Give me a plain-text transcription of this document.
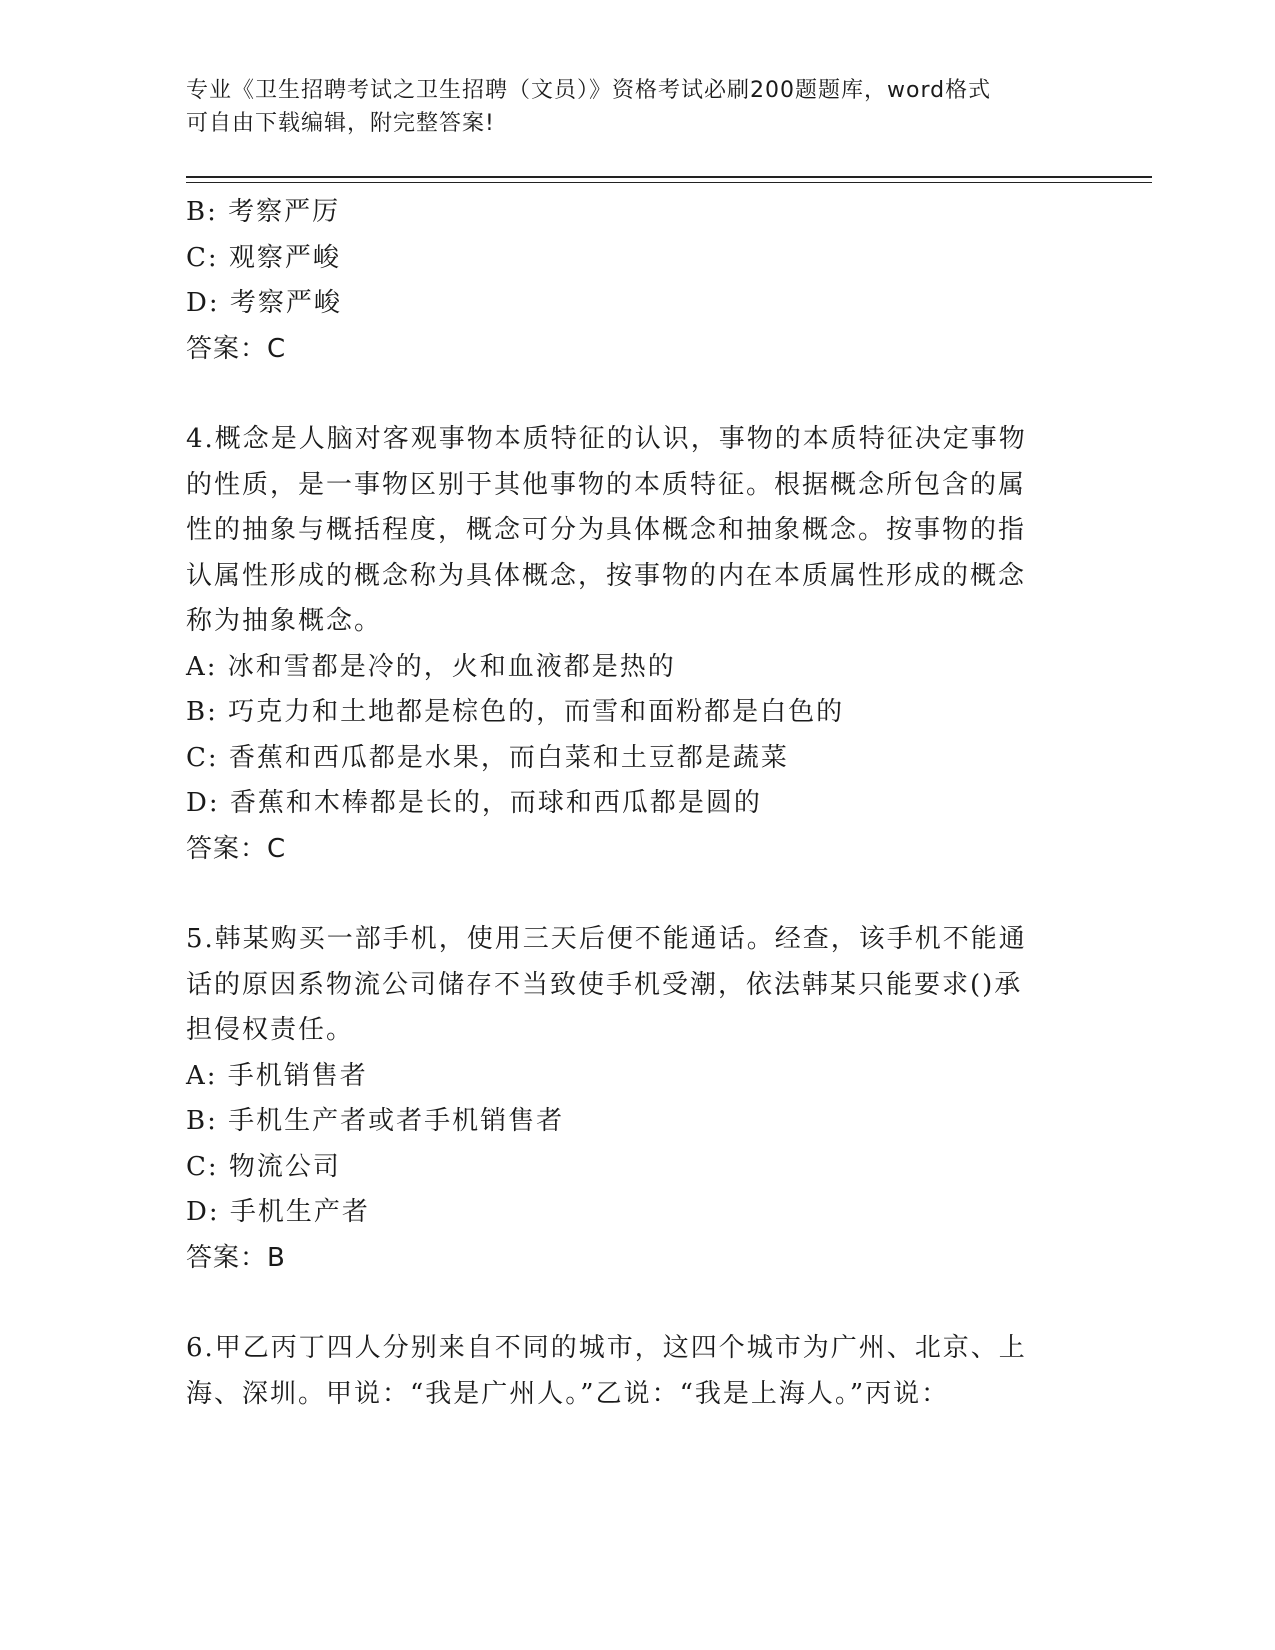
专业《卫生招聘考试之卫生招聘（文员）》资格考试必刷200题题库，word格式
可自由下载编辑，附完整答案!
B: 考察严厉
C: 观察严峻
D: 考察严峻
答案：C
4.概念是人脑对客观事物本质特征的认识，事物的本质特征决定事物
的性质，是一事物区别于其他事物的本质特征。根据概念所包含的属
性的抽象与概括程度，概念可分为具体概念和抽象概念。按事物的指
认属性形成的概念称为具体概念，按事物的内在本质属性形成的概念
称为抽象概念。
A: 冰和雪都是冷的，火和血液都是热的
B: 巧克力和土地都是棕色的，而雪和面粉都是白色的
C: 香蕉和西瓜都是水果，而白菜和土豆都是蔬菜
D: 香蕉和木棒都是长的，而球和西瓜都是圆的
答案：C
5.韩某购买一部手机，使用三天后便不能通话。经查，该手机不能通
话的原因系物流公司储存不当致使手机受潮，依法韩某只能要求()承
担侵权责任。
A: 手机销售者
B: 手机生产者或者手机销售者
C: 物流公司
D: 手机生产者
答案：B
6.甲乙丙丁四人分别来自不同的城市，这四个城市为广州、北京、上
海、深圳。甲说：“我是广州人。”乙说：“我是上海人。”丙说：
